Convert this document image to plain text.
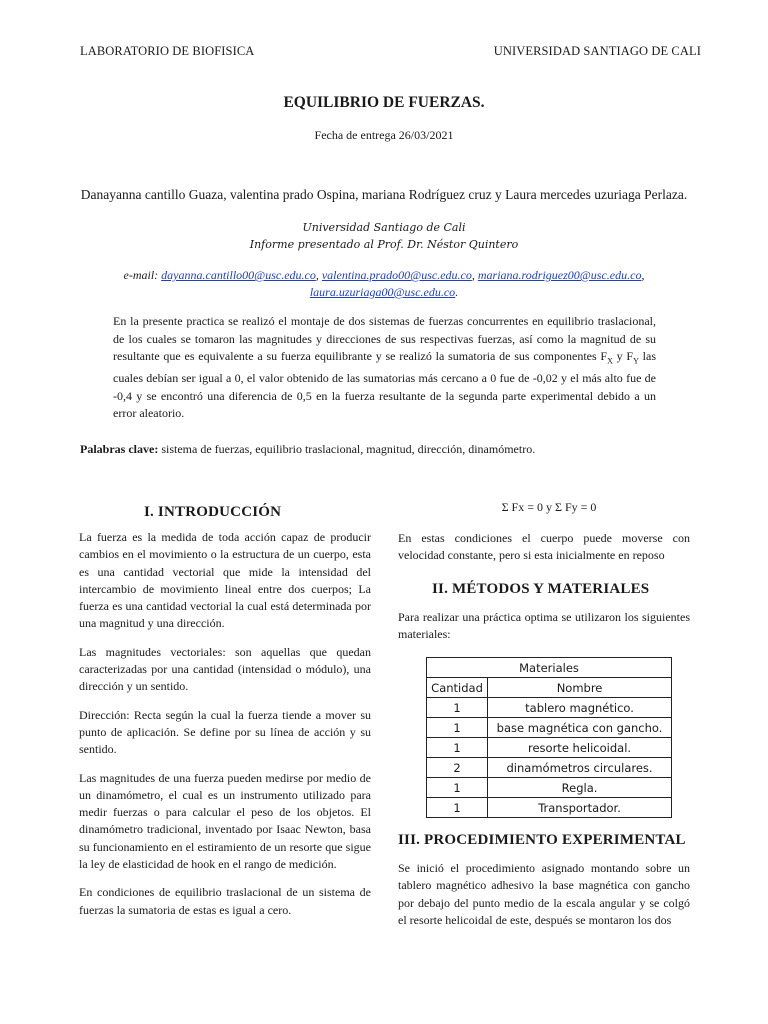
LABORATORIO DE BIOFISICA	UNIVERSIDAD SANTIAGO DE CALI
EQUILIBRIO DE FUERZAS.
Fecha de entrega 26/03/2021
Danayanna cantillo Guaza, valentina prado Ospina, mariana Rodríguez cruz y Laura mercedes uzuriaga Perlaza.
Universidad Santiago de Cali
Informe presentado al Prof. Dr. Néstor Quintero
e-mail: dayanna.cantillo00@usc.edu.co, valentina.prado00@usc.edu.co, mariana.rodriguez00@usc.edu.co,
laura.uzuriaga00@usc.edu.co.
En la presente practica se realizó el montaje de dos sistemas de fuerzas concurrentes en equilibrio traslacional, de los cuales se tomaron las magnitudes y direcciones de sus respectivas fuerzas, así como la magnitud de su resultante que es equivalente a su fuerza equilibrante y se realizó la sumatoria de sus componentes $F_X$ y $F_Y$ las cuales debían ser igual a 0, el valor obtenido de las sumatorias más cercano a 0 fue de -0,02 y el más alto fue de -0,4 y se encontró una diferencia de 0,5 en la fuerza resultante de la segunda parte experimental debido a un error aleatorio.
Palabras clave: sistema de fuerzas, equilibrio traslacional, magnitud, dirección, dinamómetro.
I. INTRODUCCIÓN

La fuerza es la medida de toda acción capaz de producir cambios en el movimiento o la estructura de un cuerpo, esta es una cantidad vectorial que mide la intensidad del intercambio de movimiento lineal entre dos cuerpos; La fuerza es una cantidad vectorial la cual está determinada por una magnitud y una dirección.

Las magnitudes vectoriales: son aquellas que quedan caracterizadas por una cantidad (intensidad o módulo), una dirección y un sentido.

Dirección: Recta según la cual la fuerza tiende a mover su punto de aplicación. Se define por su línea de acción y su sentido.

Las magnitudes de una fuerza pueden medirse por medio de un dinamómetro, el cual es un instrumento utilizado para medir fuerzas o para calcular el peso de los objetos. El dinamómetro tradicional, inventado por Isaac Newton, basa su funcionamiento en el estiramiento de un resorte que sigue la ley de elasticidad de hook en el rango de medición.

En condiciones de equilibrio traslacional de un sistema de fuerzas la sumatoria de estas es igual a cero.

Σ Fx = 0 y Σ Fy = 0
En estas condiciones el cuerpo puede moverse con velocidad constante, pero si esta inicialmente en reposo
II. MÉTODOS Y MATERIALES
Para realizar una práctica optima se utilizaron los siguientes materiales:
Materiales	
Cantidad	Nombre
1	tablero magnético.
1	base magnética con gancho.
1	resorte helicoidal.
2	dinamómetros circulares.
1	Regla.
1	Transportador.
III. PROCEDIMIENTO EXPERIMENTAL
Se inició el procedimiento asignado montando sobre un tablero magnético adhesivo la base magnética con gancho por debajo del punto medio de la escala angular y se colgó el resorte helicoidal de este, después se montaron los dos
